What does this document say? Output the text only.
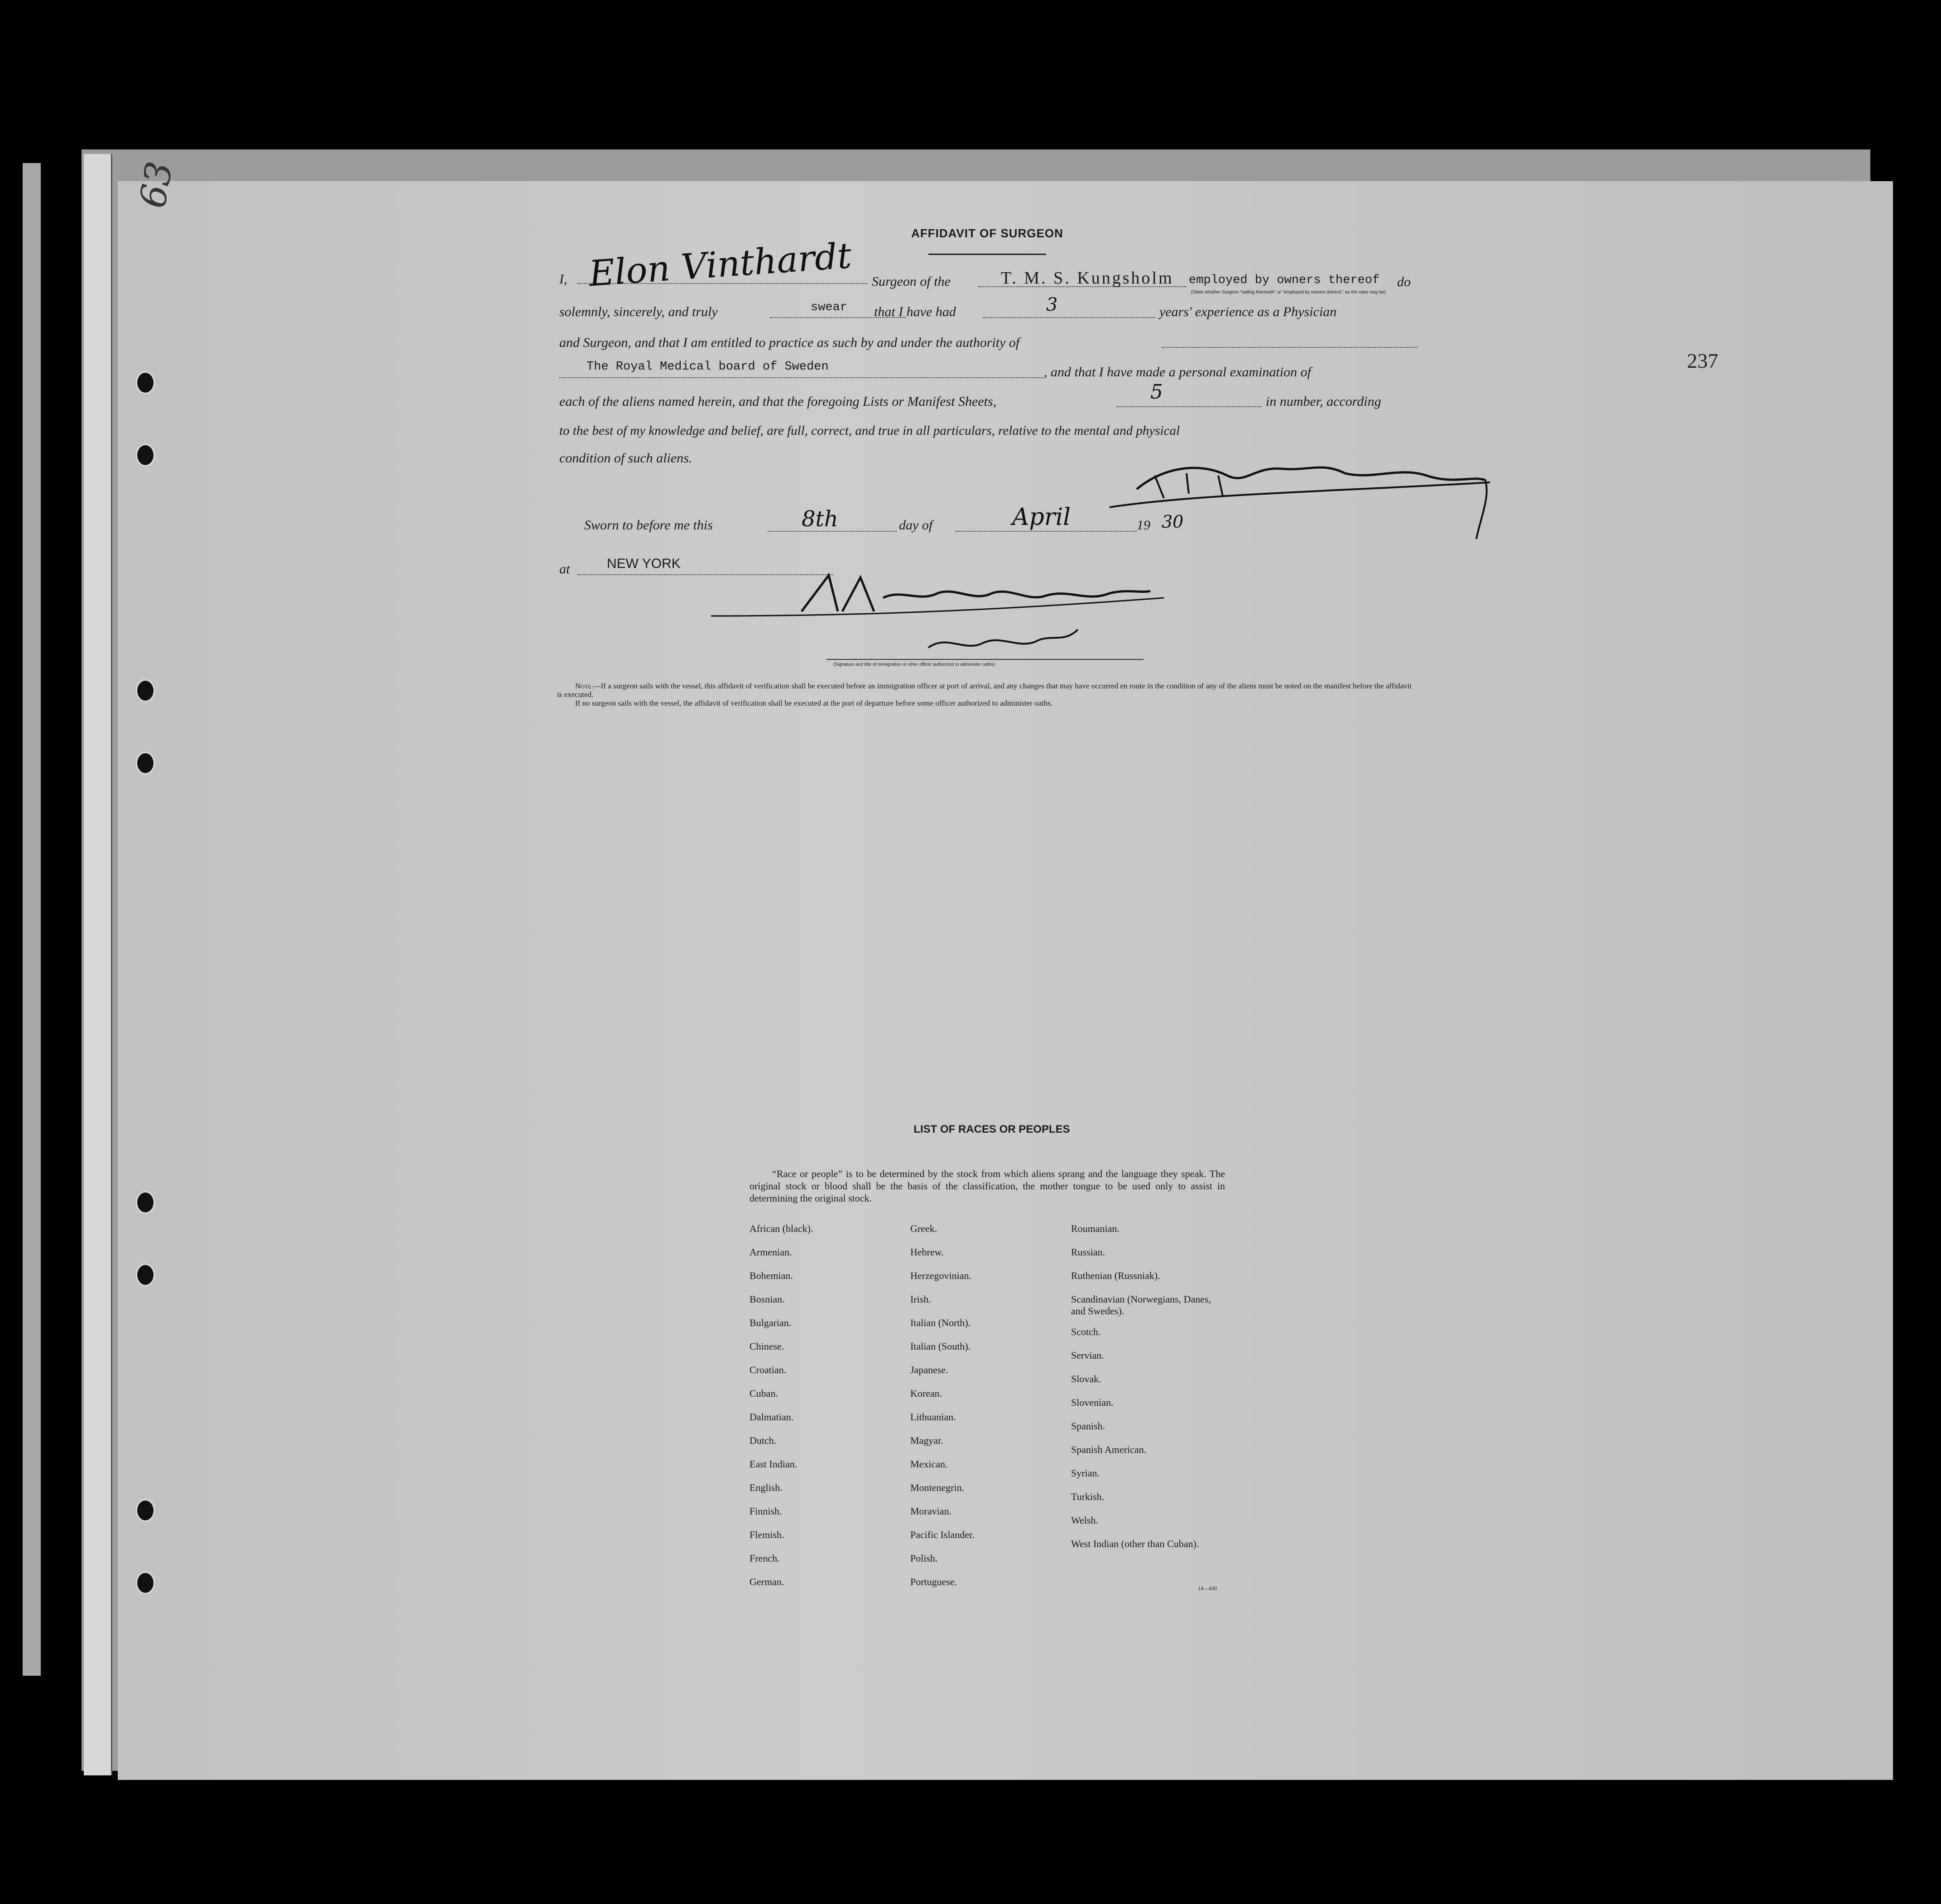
63
237
AFFIDAVIT OF SURGEON
I, Elon Vinthardt Surgeon of the	T. M. S. Kungsholm employed by owners thereof do
(State whether Surgeon "sailing therewith" or "employed by owners thereof," as the case may be)
solemnly, sincerely, and truly	swear that I have had	3	years' experience as a Physician
and Surgeon, and that I am entitled to practice as such by and under the authority of
The Royal Medical board of Sweden	, and that I have made a personal examination of
each of the aliens named herein, and that the foregoing Lists or Manifest Sheets,	5	in number, according
to the best of my knowledge and belief, are full, correct, and true in all particulars, relative to the mental and physical
condition of such aliens.
Sworn to before me this	8th	day of	April	19 30
at	NEW YORK
(Signature and title of Immigration or other officer authorized to administer oaths)

Note.—If a surgeon sails with the vessel, this affidavit of verification shall be executed before an immigration officer at port of arrival, and any changes that may have occurred en route in the condition of any of the aliens must be noted on the manifest before the affidavit is executed.

If no surgeon sails with the vessel, the affidavit of verification shall be executed at the port of departure before some officer authorized to administer oaths.

LIST OF RACES OR PEOPLES

“Race or people” is to be determined by the stock from which aliens sprang and the language they speak. The original stock or blood shall be the basis of the classification, the mother tongue to be used only to assist in determining the original stock.

African (black).
Armenian.
Bohemian.
Bosnian.
Bulgarian.
Chinese.
Croatian.
Cuban.
Dalmatian.
Dutch.
East Indian.
English.
Finnish.
Flemish.
French.
German.
Greek.
Hebrew.
Herzegovinian.
Irish.
Italian (North).
Italian (South).
Japanese.
Korean.
Lithuanian.
Magyar.
Mexican.
Montenegrin.
Moravian.
Pacific Islander.
Polish.
Portuguese.
Roumanian.
Russian.
Ruthenian (Russniak).
Scandinavian (Norwegians, Danes, and Swedes).
Scotch.
Servian.
Slovak.
Slovenian.
Spanish.
Spanish American.
Syrian.
Turkish.
Welsh.
West Indian (other than Cuban).
14—430
